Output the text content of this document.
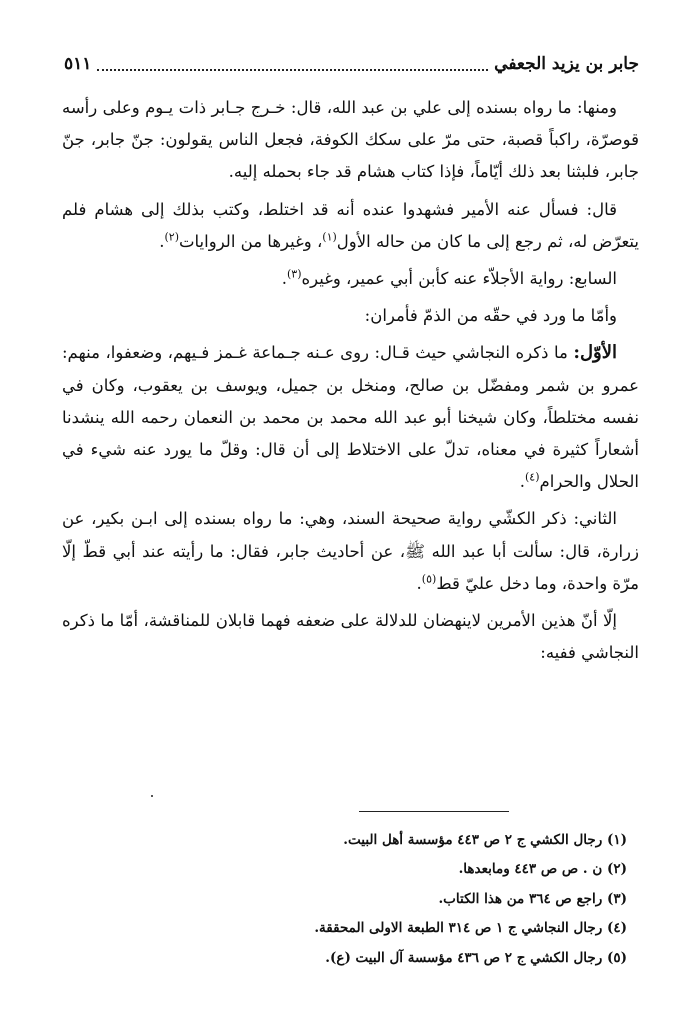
جابر بن يزيد الجعفي
٥١١

ومنها: ما رواه بسنده إلى علي بن عبد الله، قال: خـرج جـابر ذات يـوم وعلى رأسه قوصرّة، راكباً قصبة، حتى مرّ على سكك الكوفة، فجعل الناس يقولون: جنّ جابر، جنّ جابر، فلبثنا بعد ذلك أيّاماً، فإذا كتاب هشام قد جاء بحمله إليه.

قال: فسأل عنه الأمير فشهدوا عنده أنه قد اختلط، وكتب بذلك إلى هشام فلم يتعرّض له، ثم رجع إلى ما كان من حاله الأول$^{(١)}$، وغيرها من الروايات$^{(٢)}$.

السابع: رواية الأجلاّء عنه كأبن أبي عمير، وغيره$^{(٣)}$.

وأمّا ما ورد في حقّه من الذمّ فأمران:

الأوّل: ما ذكره النجاشي حيث قـال: روى عـنه جـماعة غـمز فـيهم، وضعفوا، منهم: عمرو بن شمر ومفضّل بن صالح، ومنخل بن جميل، ويوسف بن يعقوب، وكان في نفسه مختلطاً، وكان شيخنا أبو عبد الله محمد بن محمد بن النعمان رحمه الله ينشدنا أشعاراً كثيرة في معناه، تدلّ على الاختلاط إلى أن قال: وقلّ ما يورد عنه شيء في الحلال والحرام$^{(٤)}$.

الثاني: ذكر الكشّي رواية صحيحة السند، وهي: ما رواه بسنده إلى ابـن بكير، عن زرارة، قال: سألت أبا عبد الله ﷺ، عن أحاديث جابر، فقال: ما رأيته عند أبي قطّ إلّا مرّة واحدة، وما دخل عليّ قط$^{(٥)}$.

إلّا أنّ هذين الأمرين لاينهضان للدلالة على ضعفه فهما قابلان للمناقشة، أمّا ما ذكره النجاشي ففيه:

(١) رجال الكشي ج ٢ ص ٤٤٣ مؤسسة أهل البيت.
(٢) ن . ص ص ٤٤٣ ومابعدها.
(٣) راجع ص ٣٦٤ من هذا الكتاب.
(٤) رجال النجاشي ج ١ ص ٣١٤ الطبعة الاولى المحققة.
(٥) رجال الكشي ج ٢ ص ٤٣٦ مؤسسة آل البيت (ع).
